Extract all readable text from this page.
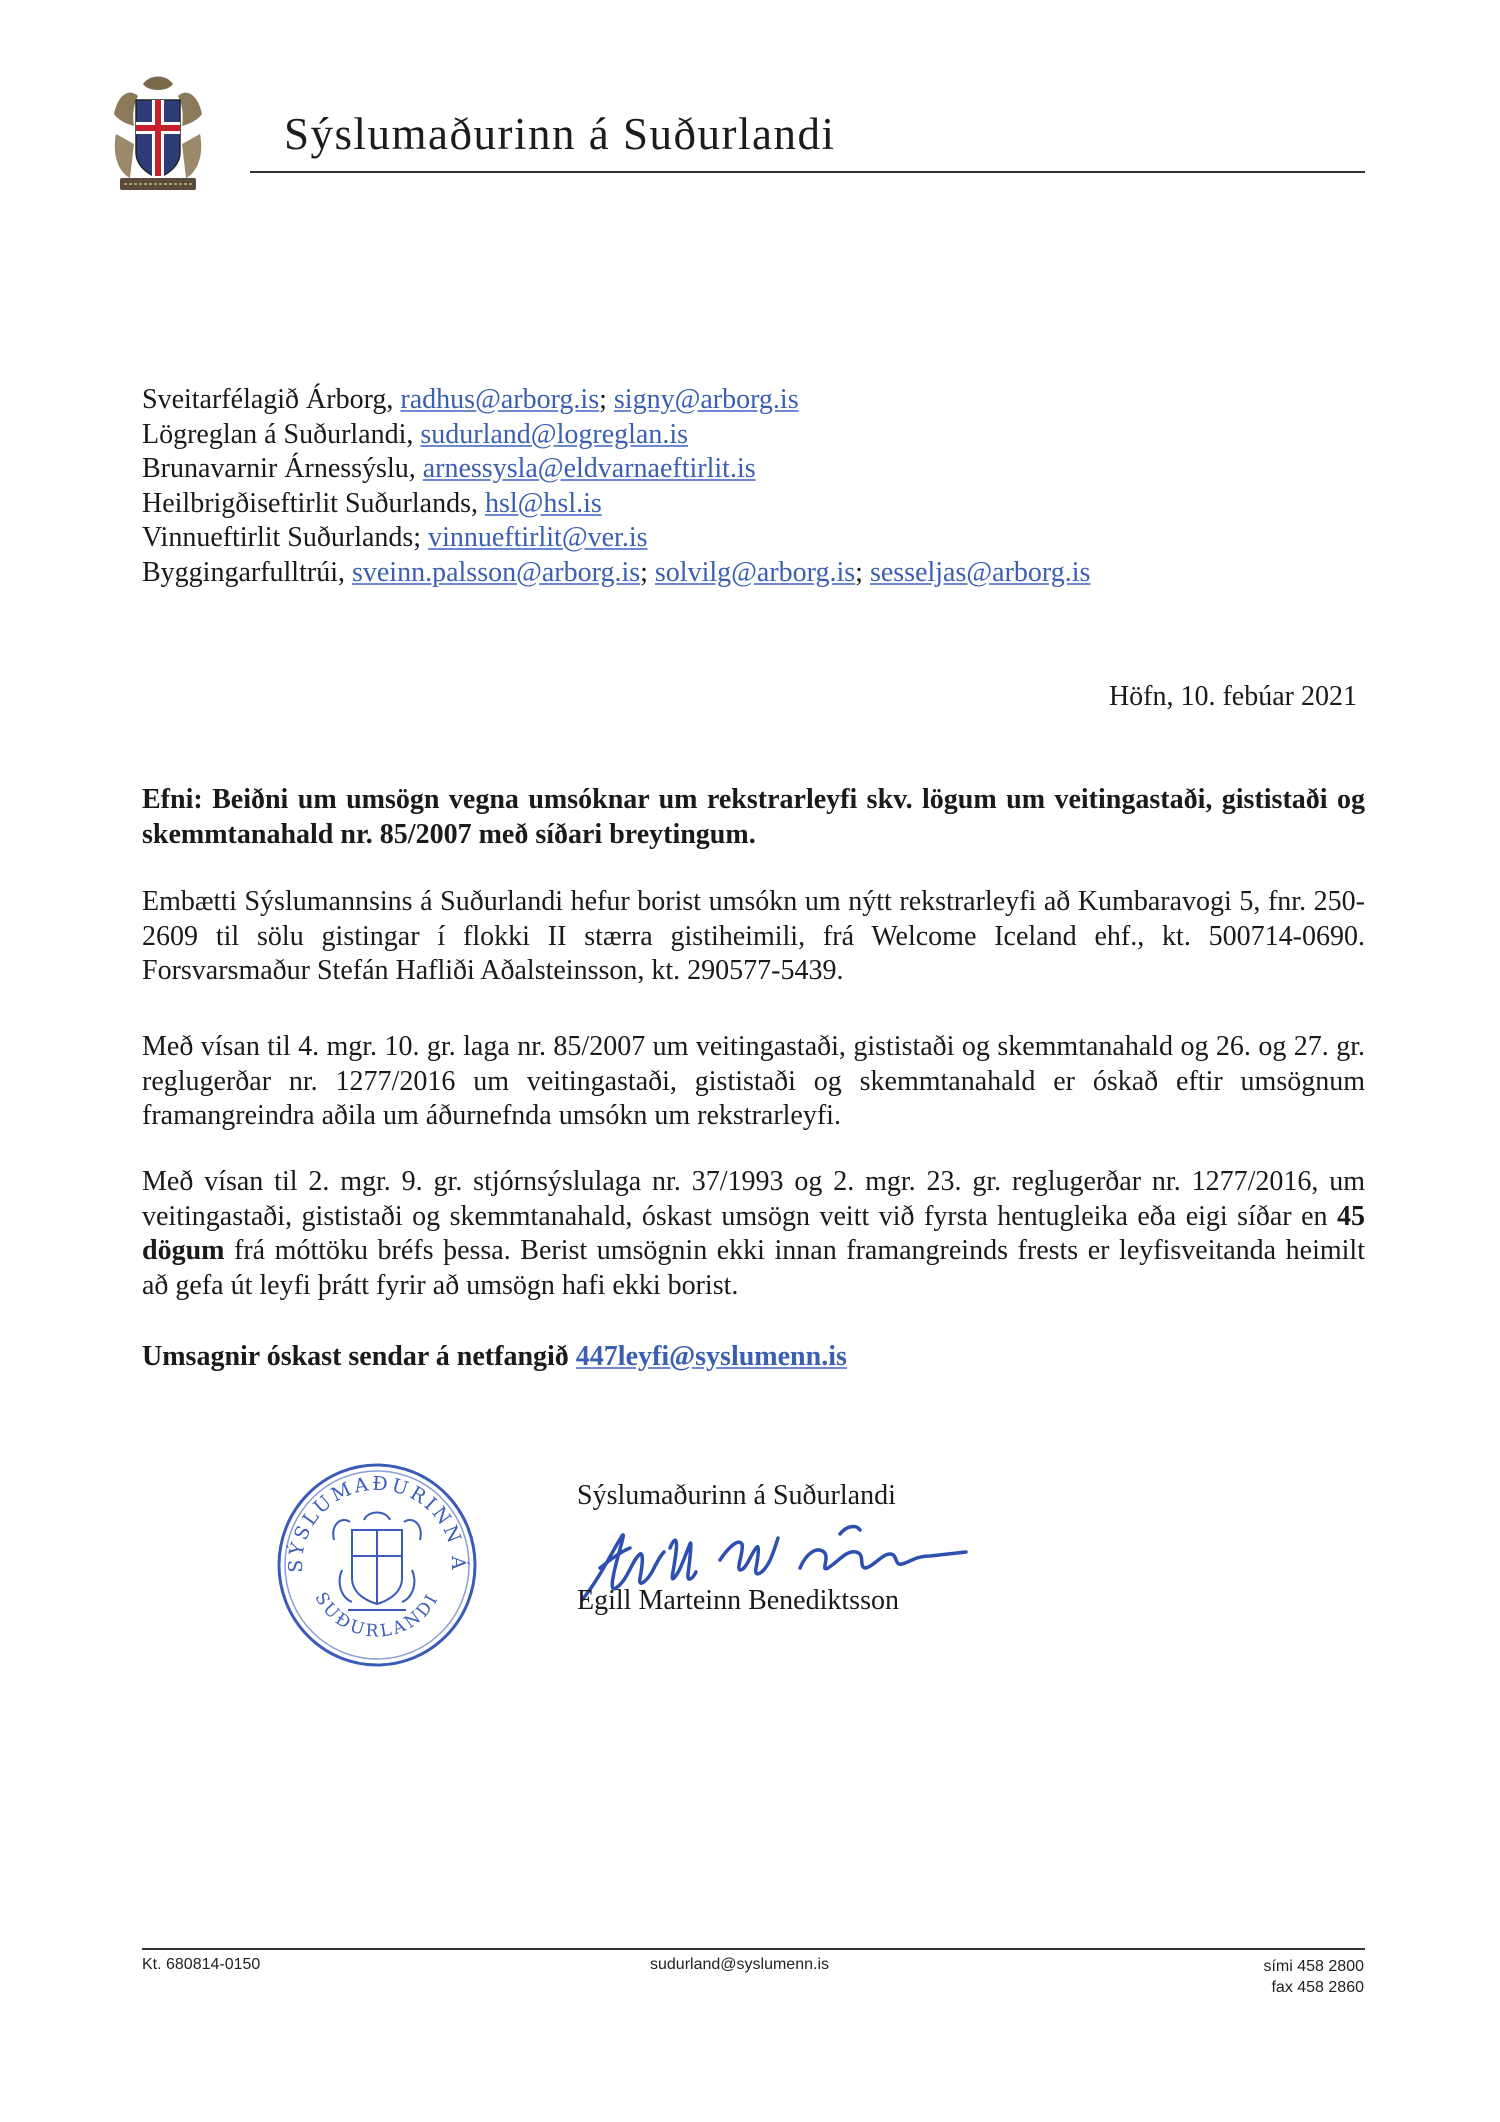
Sýslumaðurinn á Suðurlandi
Sveitarfélagið Árborg, radhus@arborg.is; signy@arborg.is
Lögreglan á Suðurlandi, sudurland@logreglan.is
Brunavarnir Árnessýslu, arnessysla@eldvarnaeftirlit.is
Heilbrigðiseftirlit Suðurlands, hsl@hsl.is
Vinnueftirlit Suðurlands; vinnueftirlit@ver.is
Byggingarfulltrúi, sveinn.palsson@arborg.is; solvilg@arborg.is; sesseljas@arborg.is
Höfn, 10. febúar 2021
Efni: Beiðni um umsögn vegna umsóknar um rekstrarleyfi skv. lögum um veitingastaði, gististaði og skemmtanahald nr. 85/2007 með síðari breytingum.
Embætti Sýslumannsins á Suðurlandi hefur borist umsókn um nýtt rekstrarleyfi að Kumbaravogi 5, fnr. 250-2609 til sölu gistingar í flokki II stærra gistiheimili, frá Welcome Iceland ehf., kt. 500714-0690. Forsvarsmaður Stefán Hafliði Aðalsteinsson, kt. 290577-5439.
Með vísan til 4. mgr. 10. gr. laga nr. 85/2007 um veitingastaði, gististaði og skemmtanahald og 26. og 27. gr. reglugerðar nr. 1277/2016 um veitingastaði, gististaði og skemmtanahald er óskað eftir umsögnum framangreindra aðila um áðurnefnda umsókn um rekstrarleyfi.
Með vísan til 2. mgr. 9. gr. stjórnsýslulaga nr. 37/1993 og 2. mgr. 23. gr. reglugerðar nr. 1277/2016, um veitingastaði, gististaði og skemmtanahald, óskast umsögn veitt við fyrsta hentugleika eða eigi síðar en 45 dögum frá móttöku bréfs þessa. Berist umsögnin ekki innan framangreinds frests er leyfisveitanda heimilt að gefa út leyfi þrátt fyrir að umsögn hafi ekki borist.
Umsagnir óskast sendar á netfangið 447leyfi@syslumenn.is
SÝSLUMAÐURINN Á
SUÐURLANDI
Sýslumaðurinn á Suðurlandi
Egill Marteinn Benediktsson
Kt. 680814-0150	sudurland@syslumenn.is	sími 458 2800
fax 458 2860
